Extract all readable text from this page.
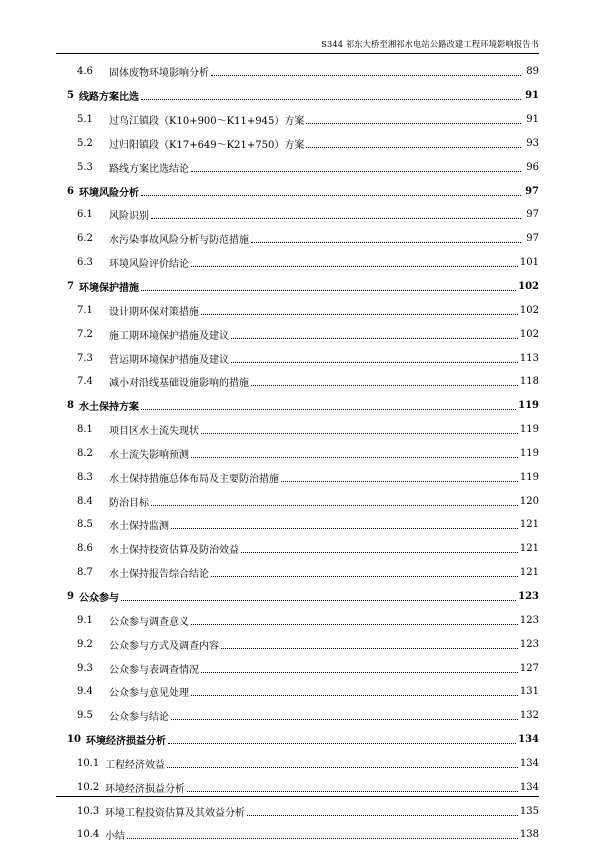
S344 祁东大桥至湘祁水电站公路改建工程环境影响报告书
4.6	固体废物环境影响分析	89
5 线路方案比选	91
5.1	过鸟江镇段（K10+900～K11+945）方案	91
5.2	过归阳镇段（K17+649～K21+750）方案	93
5.3	路线方案比选结论	96
6 环境风险分析	97
6.1	风险识别	97
6.2	水污染事故风险分析与防范措施	97
6.3	环境风险评价结论	101
7 环境保护措施	102
7.1	设计期环保对策措施	102
7.2	施工期环境保护措施及建议	102
7.3	营运期环境保护措施及建议	113
7.4	减小对沿线基础设施影响的措施	118
8 水土保持方案	119
8.1	项目区水土流失现状	119
8.2	水土流失影响预测	119
8.3	水土保持措施总体布局及主要防治措施	119
8.4	防治目标	120
8.5	水土保持监测	121
8.6	水土保持投资估算及防治效益	121
8.7	水土保持报告综合结论	121
9 公众参与	123
9.1	公众参与调查意义	123
9.2	公众参与方式及调查内容	123
9.3	公众参与表调查情况	127
9.4	公众参与意见处理	131
9.5	公众参与结论	132
10 环境经济损益分析	134
10.1 工程经济效益	134
10.2 环境经济损益分析	134
10.3 环境工程投资估算及其效益分析	135
10.4 小结	138
